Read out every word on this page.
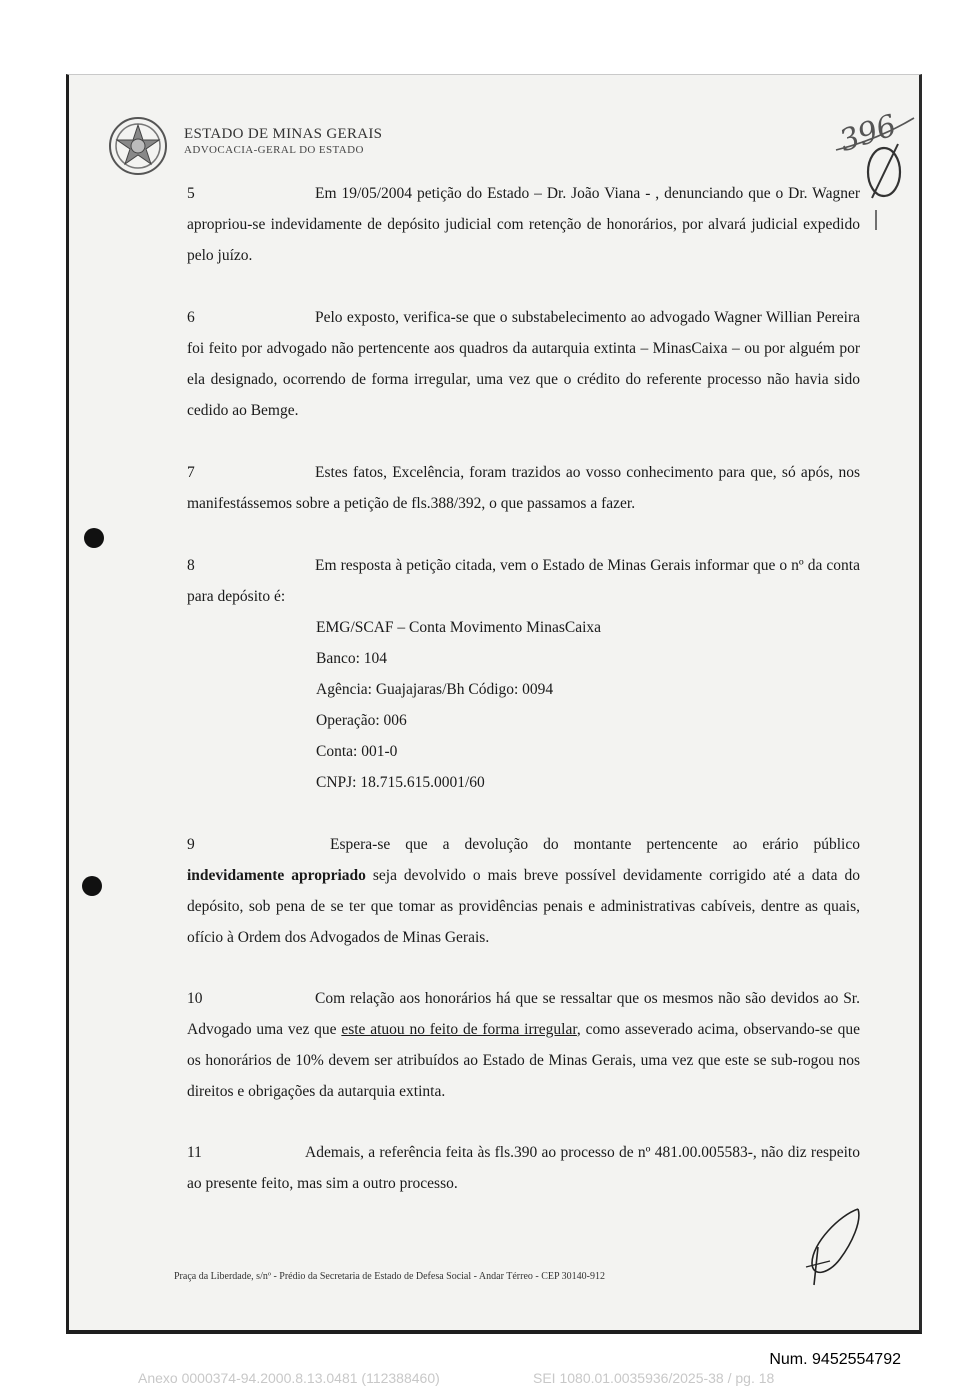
ESTADO DE MINAS GERAIS
ADVOCACIA-GERAL DO ESTADO	396
5	Em 19/05/2004 petição do Estado – Dr. João Viana - , denunciando que o Dr. Wagner apropriou-se indevidamente de depósito judicial com retenção de honorários, por alvará judicial expedido pelo juízo.
6	Pelo exposto, verifica-se que o substabelecimento ao advogado Wagner Willian Pereira foi feito por advogado não pertencente aos quadros da autarquia extinta – MinasCaixa – ou por alguém por ela designado, ocorrendo de forma irregular, uma vez que o crédito do referente processo não havia sido cedido ao Bemge.
7	Estes fatos, Excelência, foram trazidos ao vosso conhecimento para que, só após, nos manifestássemos sobre a petição de fls.388/392, o que passamos a fazer.
8	Em resposta à petição citada, vem o Estado de Minas Gerais informar que o nº da conta para depósito é:
EMG/SCAF – Conta Movimento MinasCaixa
Banco: 104
Agência: Guajajaras/Bh Código: 0094
Operação: 006
Conta: 001-0
CNPJ: 18.715.615.0001/60
9	Espera-se que a devolução do montante pertencente ao erário público indevidamente apropriado seja devolvido o mais breve possível devidamente corrigido até a data do depósito, sob pena de se ter que tomar as providências penais e administrativas cabíveis, dentre as quais, ofício à Ordem dos Advogados de Minas Gerais.
10	Com relação aos honorários há que se ressaltar que os mesmos não são devidos ao Sr. Advogado uma vez que este atuou no feito de forma irregular, como asseverado acima, observando-se que os honorários de 10% devem ser atribuídos ao Estado de Minas Gerais, uma vez que este se sub-rogou nos direitos e obrigações da autarquia extinta.
11	Ademais, a referência feita às fls.390 ao processo de nº 481.00.005583-, não diz respeito ao presente feito, mas sim a outro processo.
Praça da Liberdade, s/nº - Prédio da Secretaria de Estado de Defesa Social - Andar Térreo - CEP 30140-912
Num. 9452554792
Anexo 0000374-94.2000.8.13.0481 (112388460)	SEI 1080.01.0035936/2025-38 / pg. 18
